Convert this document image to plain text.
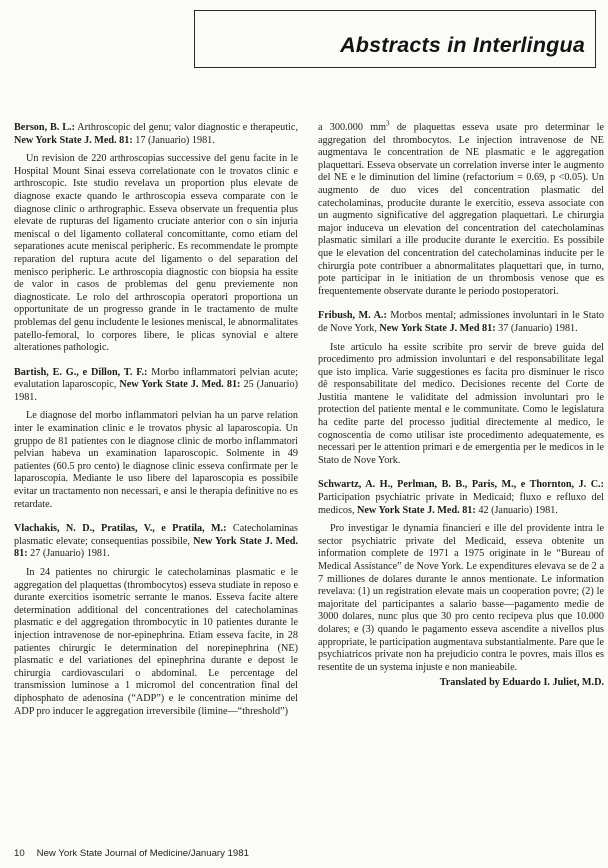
Abstracts in Interlingua

Berson, B. L.: Arthroscopic del genu; valor diagnostic e therapeutic, New York State J. Med. 81: 17 (Januario) 1981.

Un revision de 220 arthroscopias successive del genu facite in le Hospital Mount Sinai esseva correlationate con le trovatos clinic e arthroscopic. Iste studio revelava un proportion plus elevate de diagnose exacte quando le arthroscopia esseva comparate con le diagnose clinic o arthrographic. Esseva observate un frequentia plus elevate de rupturas del ligamento cruciate anterior con o sin injuria meniscal o del ligamento collateral concomittante, como etiam del separationes acute meniscal peripheric. Es recommendate le prompte reparation del ruptura acute del ligamento o del separation del menisco peripheric. Le arthroscopia diagnostic con biopsia ha essite de valor in casos de problemas del genu previemente non diagnosticate. Le rolo del arthroscopia operatori proportiona un opportunitate de un progresso grande in le tractamento de multe problemas del genu includente le lesiones meniscal, le abnormalitates patello-femoral, lo corpores libere, le plicas synovial e altere alterationes pathologic.

Bartish, E. G., e Dillon, T. F.: Morbo inflammatori pelvian acute; evalutation laparoscopic, New York State J. Med. 81: 25 (Januario) 1981.

Le diagnose del morbo inflammatori pelvian ha un parve relation inter le examination clinic e le trovatos physic al laparoscopia. Un gruppo de 81 patientes con le diagnose clinic de morbo inflammatori pelvian habeva un examination laparoscopic. Solmente in 49 patientes (60.5 pro cento) le diagnose clinic esseva confirmate per le laparoscopia. Mediante le uso libere del laparoscopia es possibile evitar un tractamento non necessari, e ansi le therapia definitive no es retardate.

Vlachakis, N. D., Pratilas, V., e Pratila, M.: Catecholaminas plasmatic elevate; consequentias possibile, New York State J. Med. 81: 27 (Januario) 1981.

In 24 patientes no chirurgic le catecholaminas plasmatic e le aggregation del plaquettas (thrombocytos) esseva studiate in reposo e durante exercitios isometric serrante le manos. Esseva facite altere determination additional del concentrationes del catecholaminas plasmatic e del aggregation thrombocytic in 10 patientes durante le injection intravenose de nor-epinephrina. Etiam esseva facite, in 28 patientes chirurgic le determination del norepinephrina (NE) plasmatic e del variationes del epinephrina durante e depost le chirurgia cardiovasculari o abdominal. Le percentage del transmission luminose a 1 micromol del concentration final del diphosphato de adenosina (“ADP”) e le concentration minime del ADP pro inducer le aggregation irreversibile (limine—“threshold”)

a 300.000 $mm^3$ de plaquettas esseva usate pro determinar le aggregation del thrombocytos. Le injection intravenose de NE augmentava le concentration de NE plasmatic e le aggregation plaquettari. Esseva observate un correlation inverse inter le augmento del NE e le diminution del limine (refactorium = 0.69, p <0.05). Un augmento de duo vices del concentration plasmatic del catecholaminas, producite durante le exercitio, esseva associate con un augmento significative del aggregation plaquettari. Le chirurgia major induceva un elevation del concentration del catecholaminas plasmatic similari a ille producite durante le exercitio. Es possibile que le elevation del concentration del catecholaminas inducite per le chirurgia pote contribuer a abnormalitates plaquettari que, in turno, pote participar in le initiation de un thrombosis venose que es frequentemente observate durante le periodo postoperatori.

Fribush, M. A.: Morbos mental; admissiones involuntari in le Stato de Nove York, New York State J. Med 81: 37 (Januario) 1981.

Iste articulo ha essite scribite pro servir de breve guida del procedimento pro admission involuntari e del responsabilitate legal que isto implica. Varie suggestiones es facita pro disminuer le risco dê responsabilitate del medico. Decisiones recente del Corte de Justitia mantene le validitate del admission involuntari pro le protection del patiente mental e le communitate. Como le legislatura ha cedite parte del processo juditial directemente al medico, le cognoscentia de como utilisar iste procedimento adequatemente, es necessari per le attention primari e de emergentia per le medicos in le Stato de Nove York.

Schwartz, A. H., Perlman, B. B., Paris, M., e Thornton, J. C.: Participation psychiatric private in Medicaid; fluxo e refluxo del medicos, New York State J. Med. 81: 42 (Januario) 1981.

Pro investigar le dynamia financieri e ille del providente intra le sector psychiatric private del Medicaid, esseva obtenite un information complete de 1971 a 1975 originate in le “Bureau of Medical Assistance” de Nove York. Le expenditures elevava se de 2 a 7 milliones de dolares durante le annos mentionate. Le information revelava: (1) un registration elevate mais un cooperation povre; (2) le majoritate del participantes a salario basse—pagamento medie de 3000 dolares, nunc plus que 30 pro cento recipeva plus que 10.000 dolares; e (3) quando le pagamento esseva ascendite a nivellos plus appropriate, le participation augmentava substantialmente. Pare que le psychiatricos private non ha prejudicio contra le povres, mais illos es resentite de un systema injuste e non manieabile.

Translated by Eduardo I. Juliet, M.D.
10 New York State Journal of Medicine/January 1981
